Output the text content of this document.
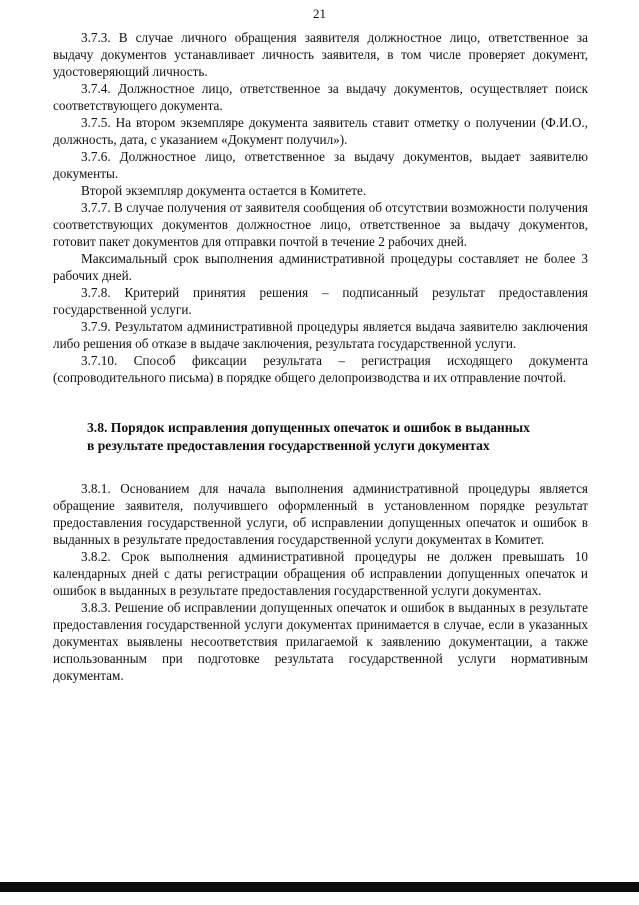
21

3.7.3. В случае личного обращения заявителя должностное лицо, ответственное за выдачу документов устанавливает личность заявителя, в том числе проверяет документ, удостоверяющий личность.

3.7.4. Должностное лицо, ответственное за выдачу документов, осуществляет поиск соответствующего документа.

3.7.5. На втором экземпляре документа заявитель ставит отметку о получении (Ф.И.О., должность, дата, с указанием «Документ получил»).

3.7.6. Должностное лицо, ответственное за выдачу документов, выдает заявителю документы.

Второй экземпляр документа остается в Комитете.

3.7.7. В случае получения от заявителя сообщения об отсутствии возможности получения соответствующих документов должностное лицо, ответственное за выдачу документов, готовит пакет документов для отправки почтой в течение 2 рабочих дней.

Максимальный срок выполнения административной процедуры составляет не более 3 рабочих дней.

3.7.8. Критерий принятия решения – подписанный результат предоставления государственной услуги.

3.7.9. Результатом административной процедуры является выдача заявителю заключения либо решения об отказе в выдаче заключения, результата государственной услуги.

3.7.10. Способ фиксации результата – регистрация исходящего документа (сопроводительного письма) в порядке общего делопроизводства и их отправление почтой.

3.8. Порядок исправления допущенных опечаток и ошибок в выданных
в результате предоставления государственной услуги документах

3.8.1. Основанием для начала выполнения административной процедуры является обращение заявителя, получившего оформленный в установленном порядке результат предоставления государственной услуги, об исправлении допущенных опечаток и ошибок в выданных в результате предоставления государственной услуги документах в Комитет.

3.8.2. Срок выполнения административной процедуры не должен превышать 10 календарных дней с даты регистрации обращения об исправлении допущенных опечаток и ошибок в выданных в результате предоставления государственной услуги документах.

3.8.3. Решение об исправлении допущенных опечаток и ошибок в выданных в результате предоставления государственной услуги документах принимается в случае, если в указанных документах выявлены несоответствия прилагаемой к заявлению документации, а также использованным при подготовке результата государственной услуги нормативным документам.
